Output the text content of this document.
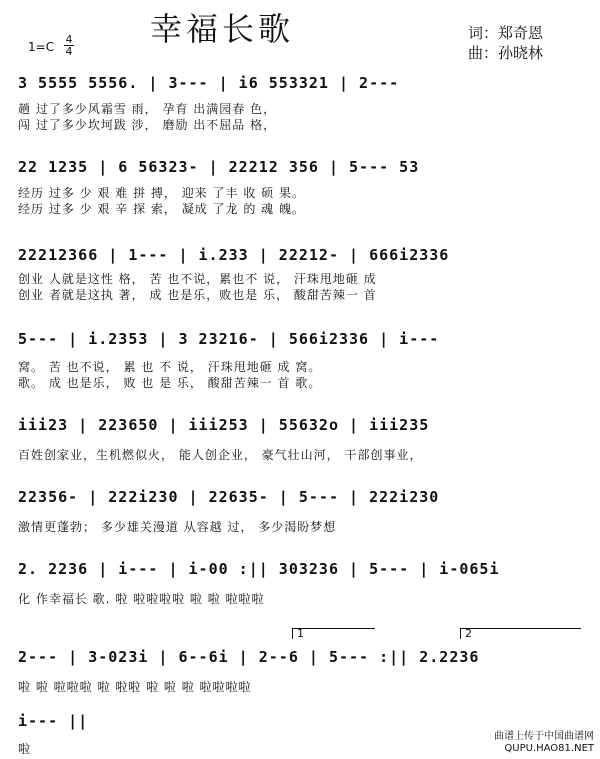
幸福长歌	词：郑奇恩
曲：孙晓林
1=C
4
4
3 5555 5556. | 3--- | i6 553321 | 2---
趟 过了多少风霜雪 雨， 孕育 出满园春 色，
闯 过了多少坎坷跋 涉， 磨励 出不屈品 格，
22 1235 | 6 56323- | 22212 356 | 5--- 53
经历 过多 少 艰 难 拼 搏， 迎来 了丰 收 硕 果。
经历 过多 少 艰 辛 探 索， 凝成 了龙 的 魂 魄。
22212366 | 1--- | i.233 | 22212- | 666i2336
创业 人就是这性 格， 苦 也不说，累也不 说， 汗珠甩地砸 成
创业 者就是这执 著， 成 也是乐，败也是 乐， 酸甜苦辣一 首
5--- | i.2353 | 3 23216- | 566i2336 | i---
窝。 苦 也不说， 累 也 不 说， 汗珠甩地砸 成 窝。
歌。 成 也是乐， 败 也 是 乐， 酸甜苦辣一 首 歌。
iii23 | 223650 | iii253 | 55632o | iii235
百姓创家业，生机燃似火， 能人创企业， 豪气壮山河， 干部创事业，
22356- | 222i230 | 22635- | 5--- | 222i230
激情更蓬勃； 多少雄关漫道 从容越 过， 多少渴盼梦想
2. 2236 | i--- | i-00 :|| 303236 | 5--- | i-065i
化 作幸福长 歌. 啦 啦啦啦啦 啦 啦 啦啦啦
1	2
2--- | 3-023i | 6--6i | 2--6 | 5--- :|| 2.2236
啦 啦 啦啦啦 啦 啦啦 啦 啦 啦 啦啦啦啦
i--- ||
啦
曲谱上传于中国曲谱网
QUPU.HAO81.NET
